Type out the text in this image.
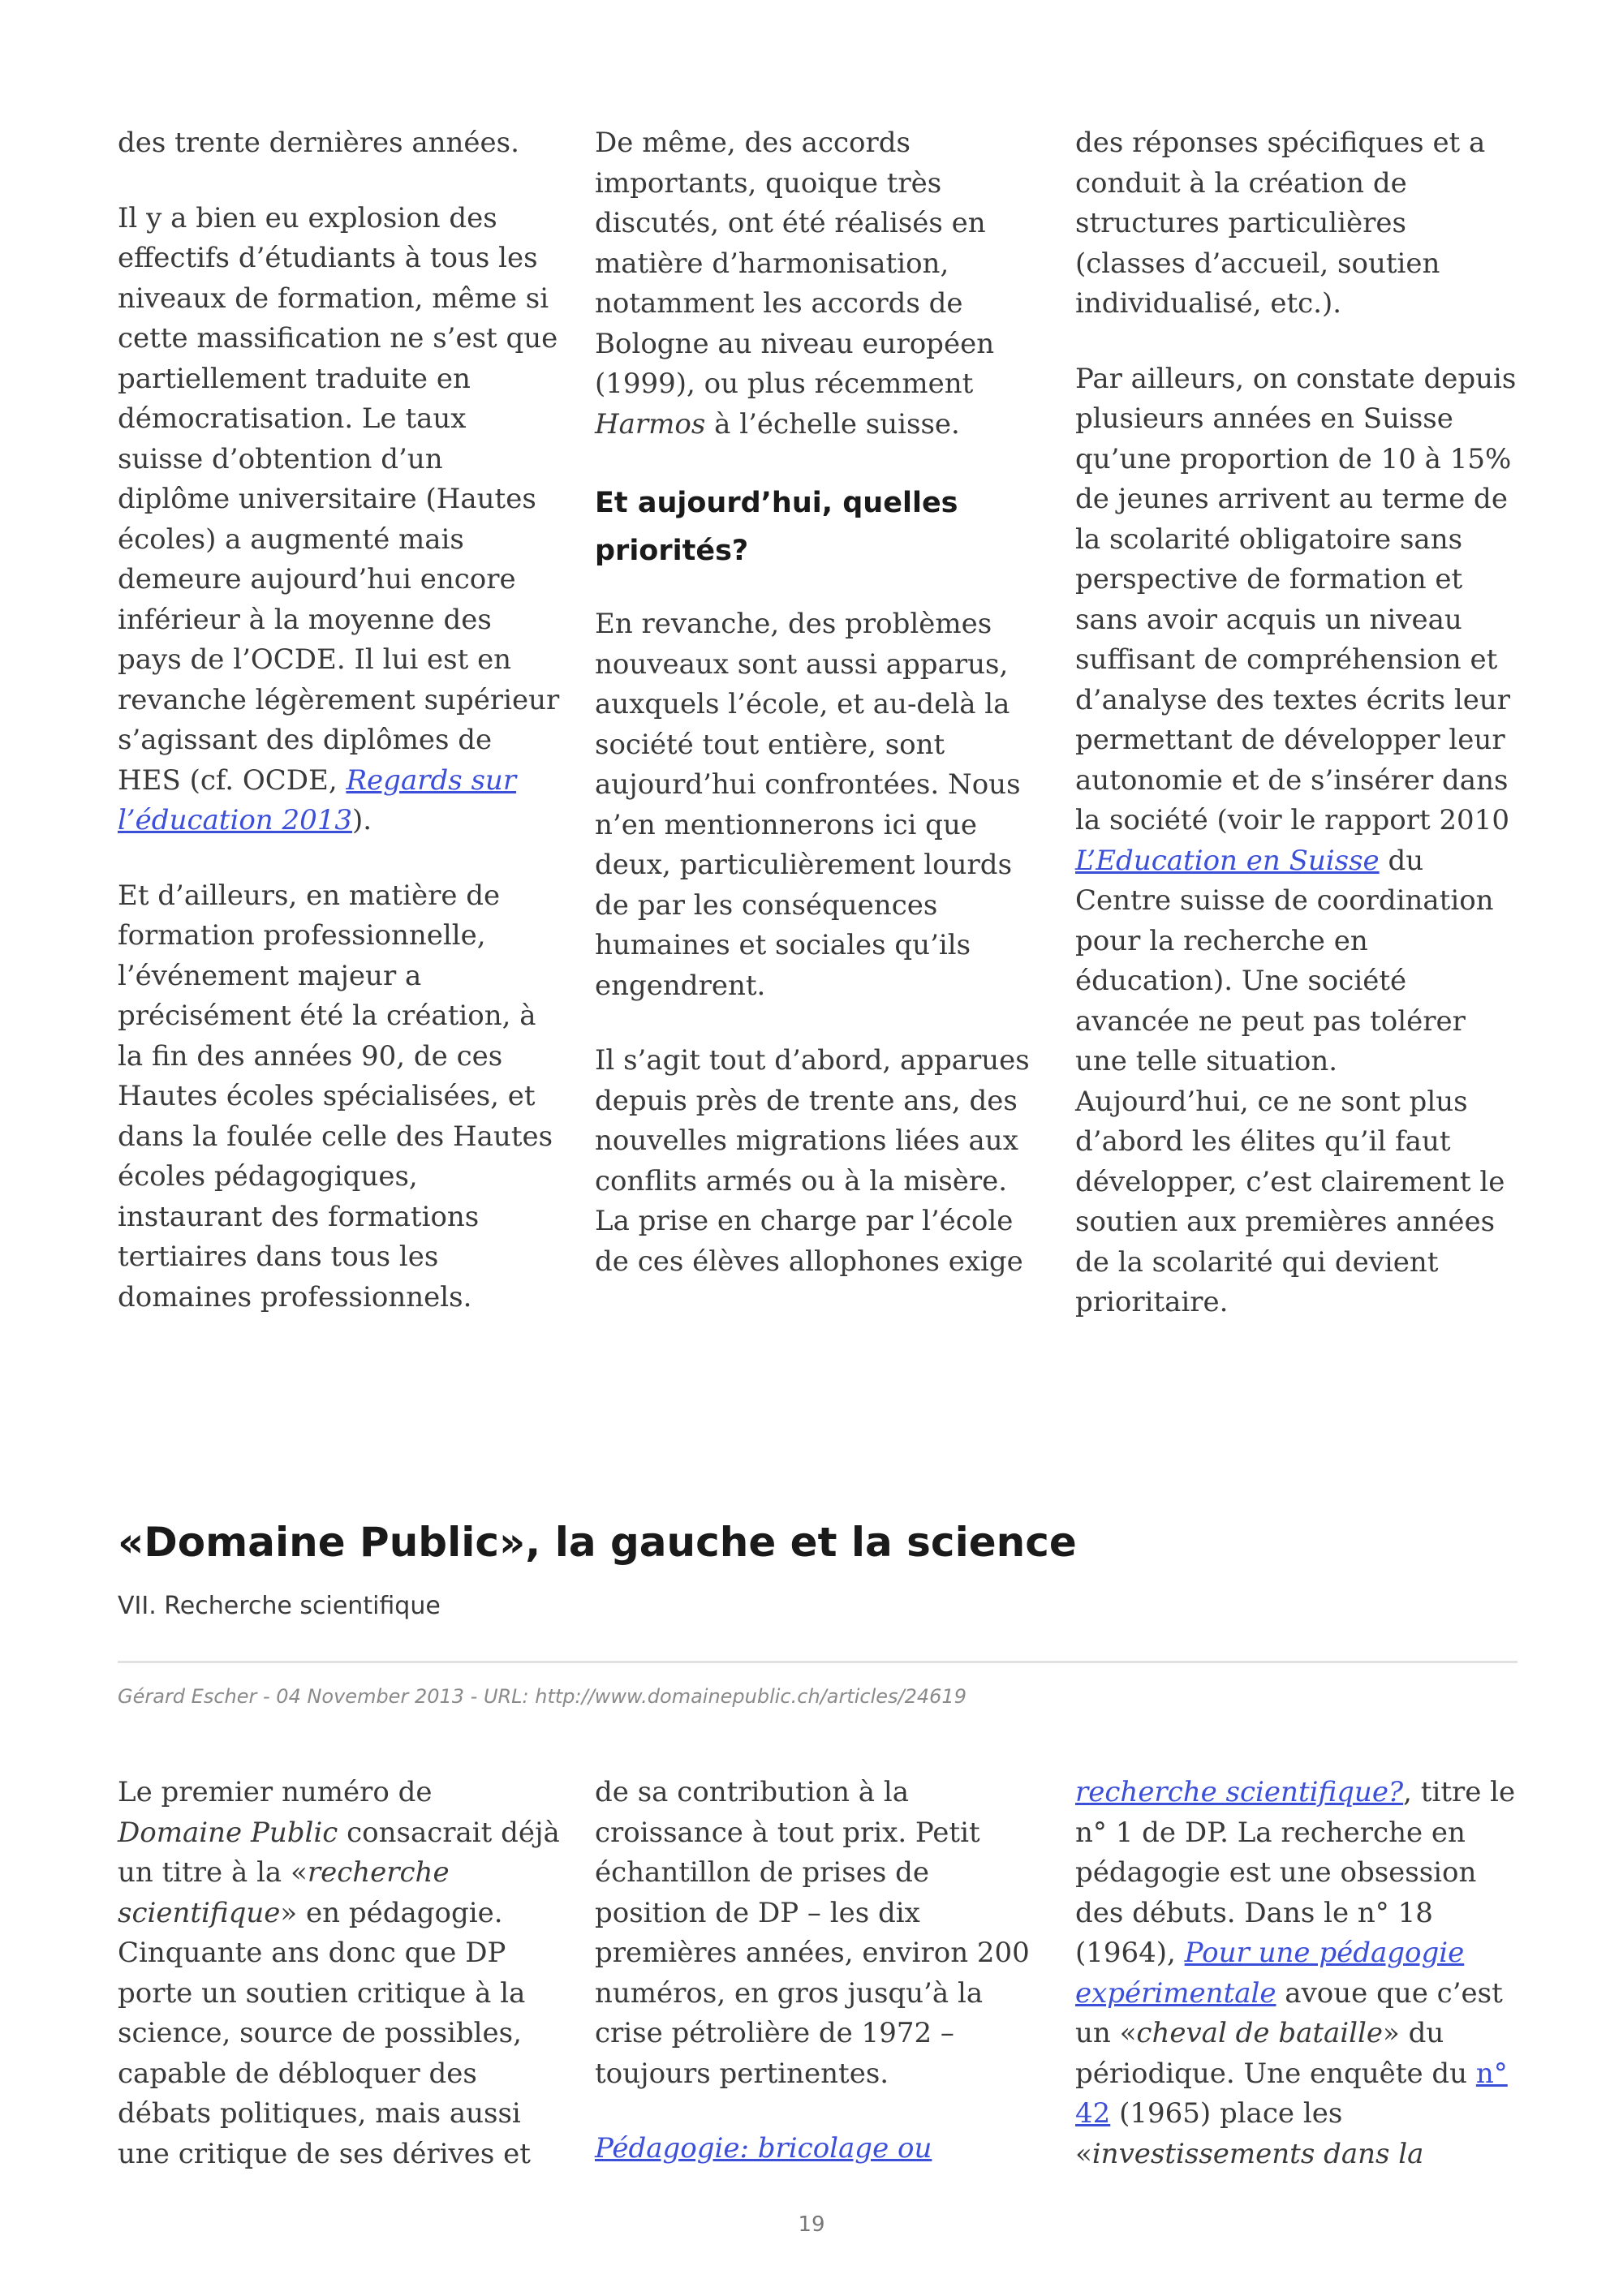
des trente dernières années.

Il y a bien eu explosion des effectifs d’étudiants à tous les niveaux de formation, même si cette massification ne s’est que partiellement traduite en démocratisation. Le taux suisse d’obtention d’un diplôme universitaire (Hautes écoles) a augmenté mais demeure aujourd’hui encore inférieur à la moyenne des pays de l’OCDE. Il lui est en revanche légèrement supérieur s’agissant des diplômes de HES (cf. OCDE, Regards sur l’éducation 2013).

Et d’ailleurs, en matière de formation professionnelle, l’événement majeur a précisément été la création, à la fin des années 90, de ces Hautes écoles spécialisées, et dans la foulée celle des Hautes écoles pédagogiques, instaurant des formations tertiaires dans tous les domaines professionnels.

De même, des accords importants, quoique très discutés, ont été réalisés en matière d’harmonisation, notamment les accords de Bologne au niveau européen (1999), ou plus récemment Harmos à l’échelle suisse.

Et aujourd’hui, quelles priorités?

En revanche, des problèmes nouveaux sont aussi apparus, auxquels l’école, et au-delà la société tout entière, sont aujourd’hui confrontées. Nous n’en mentionnerons ici que deux, particulièrement lourds de par les conséquences humaines et sociales qu’ils engendrent.

Il s’agit tout d’abord, apparues depuis près de trente ans, des nouvelles migrations liées aux conflits armés ou à la misère. La prise en charge par l’école de ces élèves allophones exige

des réponses spécifiques et a conduit à la création de structures particulières (classes d’accueil, soutien individualisé, etc.).

Par ailleurs, on constate depuis plusieurs années en Suisse qu’une proportion de 10 à 15% de jeunes arrivent au terme de la scolarité obligatoire sans perspective de formation et sans avoir acquis un niveau suffisant de compréhension et d’analyse des textes écrits leur permettant de développer leur autonomie et de s’insérer dans la société (voir le rapport 2010 L’Education en Suisse du Centre suisse de coordination pour la recherche en éducation). Une société avancée ne peut pas tolérer une telle situation. Aujourd’hui, ce ne sont plus d’abord les élites qu’il faut développer, c’est clairement le soutien aux premières années de la scolarité qui devient prioritaire.

«Domaine Public», la gauche et la science
VII. Recherche scientifique
Gérard Escher - 04 November 2013 - URL: http://www.domainepublic.ch/articles/24619

Le premier numéro de Domaine Public consacrait déjà un titre à la «recherche scientifique» en pédagogie. Cinquante ans donc que DP porte un soutien critique à la science, source de possibles, capable de débloquer des débats politiques, mais aussi une critique de ses dérives et

de sa contribution à la croissance à tout prix. Petit échantillon de prises de position de DP – les dix premières années, environ 200 numéros, en gros jusqu’à la crise pétrolière de 1972 – toujours pertinentes.

Pédagogie: bricolage ou

recherche scientifique?, titre le n° 1 de DP. La recherche en pédagogie est une obsession des débuts. Dans le n° 18 (1964), Pour une pédagogie expérimentale avoue que c’est un «cheval de bataille» du périodique. Une enquête du n° 42 (1965) place les «investissements dans la

19
